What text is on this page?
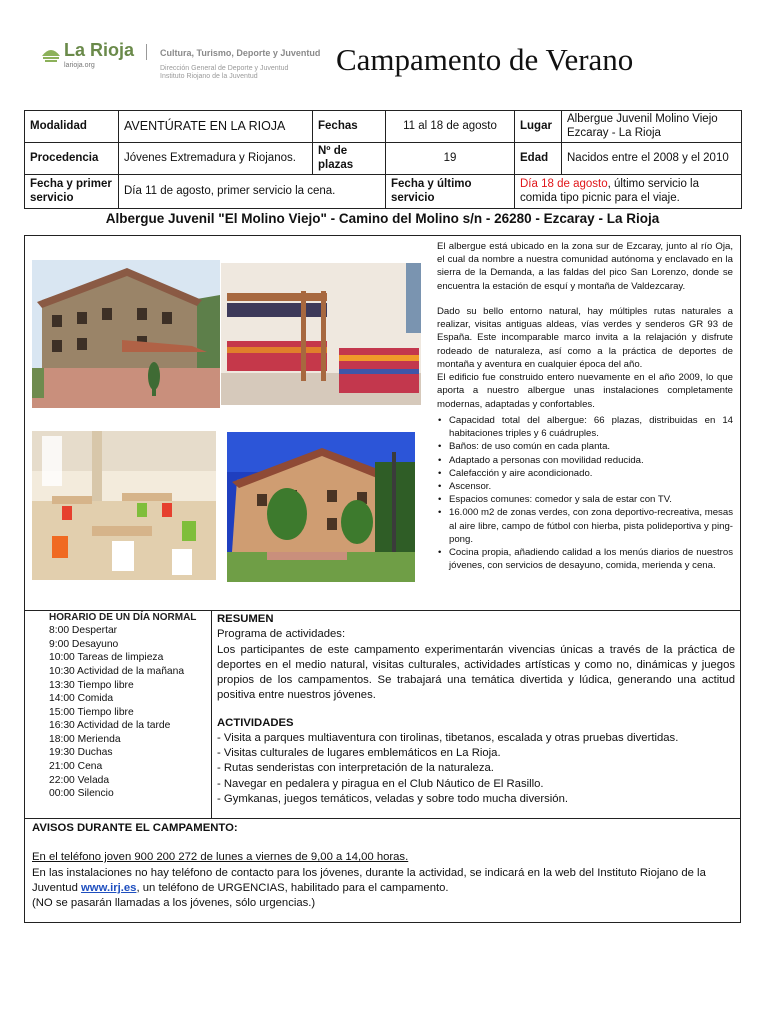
La Rioja
larioja.org
Cultura, Turismo, Deporte y Juventud
Dirección General de Deporte y Juventud
Instituto Riojano de la Juventud	Campamento de Verano
Modalidad	AVENTÚRATE EN LA RIOJA	Fechas	11 al 18 de agosto	Lugar	Albergue Juvenil Molino Viejo Ezcaray - La Rioja
Procedencia	Jóvenes Extremadura y Riojanos.	Nº de plazas	19	Edad	Nacidos entre el 2008 y el 2010
Fecha y primer servicio	Día 11 de agosto, primer servicio la cena.		Fecha y último servicio	Día 18 de agosto, último servicio la comida tipo picnic para el viaje.	
Albergue Juvenil "El Molino Viejo" - Camino del Molino s/n - 26280 - Ezcaray - La Rioja

El albergue está ubicado en la zona sur de Ezcaray, junto al río Oja, el cual da nombre a nuestra comunidad autónoma y enclavado en la sierra de la Demanda, a las faldas del pico San Lorenzo, donde se encuentra la estación de esquí y montaña de Valdezcaray.

Dado su bello entorno natural, hay múltiples rutas naturales a realizar, visitas antiguas aldeas, vías verdes y senderos GR 93 de España. Este incomparable marco invita a la relajación y disfrute rodeado de naturaleza, así como a la práctica de deportes de montaña y aventura en cualquier época del año.

El edificio fue construido entero nuevamente en el año 2009, lo que aporta a nuestro albergue unas instalaciones completamente modernas, adaptadas y confortables.

• Capacidad total del albergue: 66 plazas, distribuidas en 14 habitaciones triples y 6 cuádruples.
• Baños: de uso común en cada planta.
• Adaptado a personas con movilidad reducida.
• Calefacción y aire acondicionado.
• Ascensor.
• Espacios comunes: comedor y sala de estar con TV.
• 16.000 m2 de zonas verdes, con zona deportivo-recreativa, mesas al aire libre, campo de fútbol con hierba, pista polideportiva y ping-pong.
• Cocina propia, añadiendo calidad a los menús diarios de nuestros jóvenes, con servicios de desayuno, comida, merienda y cena.
HORARIO DE UN DÍA NORMAL
8:00 Despertar
9:00 Desayuno
10:00 Tareas de limpieza
10:30 Actividad de la mañana
13:30 Tiempo libre
14:00 Comida
15:00 Tiempo libre
16:30 Actividad de la tarde
18:00 Merienda
19:30 Duchas
21:00 Cena
22:00 Velada
00:00 Silencio
RESUMEN
Programa de actividades:
Los participantes de este campamento experimentarán vivencias únicas a través de la práctica de deportes en el medio natural, visitas culturales, actividades artísticas y como no, dinámicas y juegos propios de los campamentos. Se trabajará una temática divertida y lúdica, generando una actitud positiva entre nuestros jóvenes.
ACTIVIDADES
- Visita a parques multiaventura con tirolinas, tibetanos, escalada y otras pruebas divertidas.
- Visitas culturales de lugares emblemáticos en La Rioja.
- Rutas senderistas con interpretación de la naturaleza.
- Navegar en pedalera y piragua en el Club Náutico de El Rasillo.
- Gymkanas, juegos temáticos, veladas y sobre todo mucha diversión.
AVISOS DURANTE EL CAMPAMENTO:
En el teléfono joven 900 200 272 de lunes a viernes de 9,00 a 14,00 horas.
En las instalaciones no hay teléfono de contacto para los jóvenes, durante la actividad, se indicará en la web del Instituto Riojano de la Juventud www.irj.es, un teléfono de URGENCIAS, habilitado para el campamento.
(NO se pasarán llamadas a los jóvenes, sólo urgencias.)
